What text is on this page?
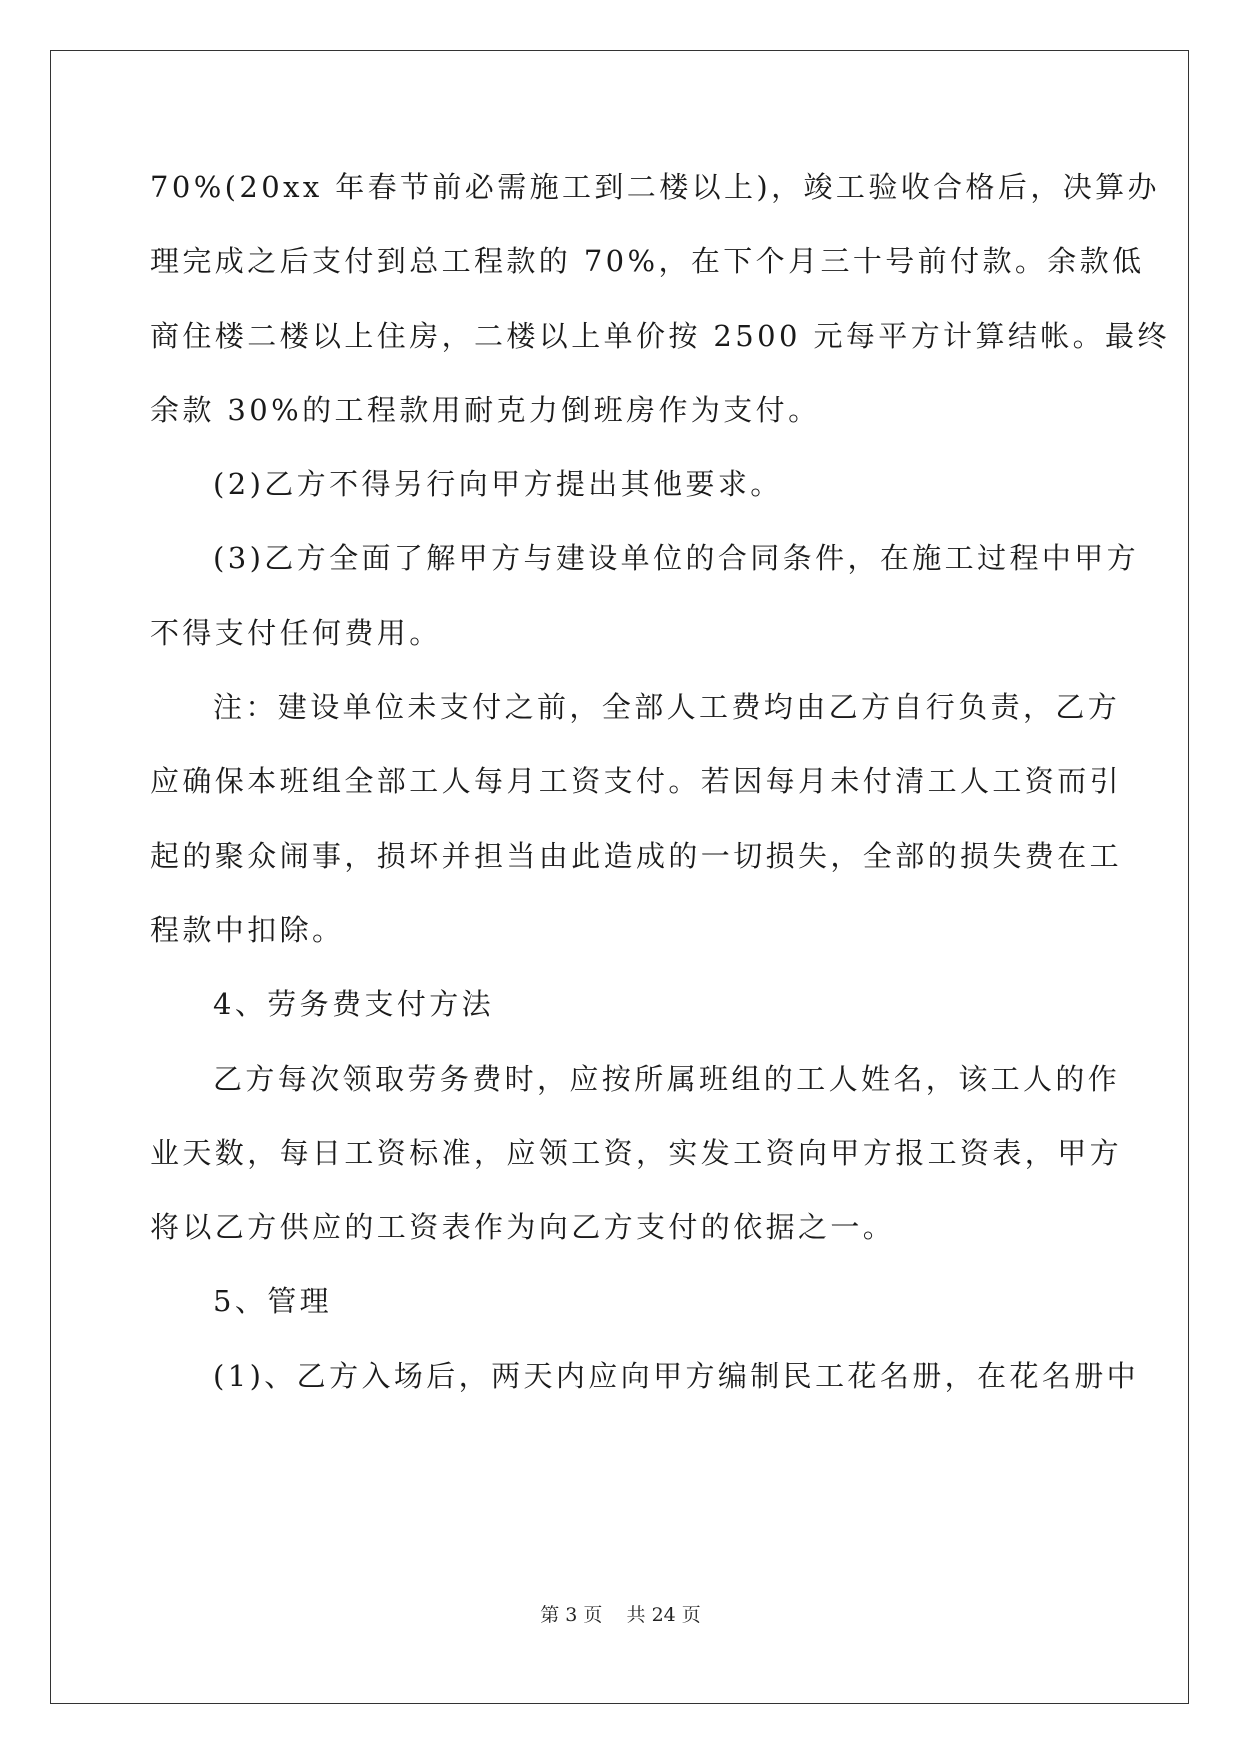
70%(20xx 年春节前必需施工到二楼以上)，竣工验收合格后，决算办
理完成之后支付到总工程款的 70%，在下个月三十号前付款。余款低
商住楼二楼以上住房，二楼以上单价按 2500 元每平方计算结帐。最终
余款 30%的工程款用耐克力倒班房作为支付。
(2)乙方不得另行向甲方提出其他要求。
(3)乙方全面了解甲方与建设单位的合同条件，在施工过程中甲方
不得支付任何费用。
注：建设单位未支付之前，全部人工费均由乙方自行负责，乙方
应确保本班组全部工人每月工资支付。若因每月未付清工人工资而引
起的聚众闹事，损坏并担当由此造成的一切损失，全部的损失费在工
程款中扣除。
4、劳务费支付方法
乙方每次领取劳务费时，应按所属班组的工人姓名，该工人的作
业天数，每日工资标准，应领工资，实发工资向甲方报工资表，甲方
将以乙方供应的工资表作为向乙方支付的依据之一。
5、管理
(1)、乙方入场后，两天内应向甲方编制民工花名册，在花名册中
第 3 页 共 24 页
